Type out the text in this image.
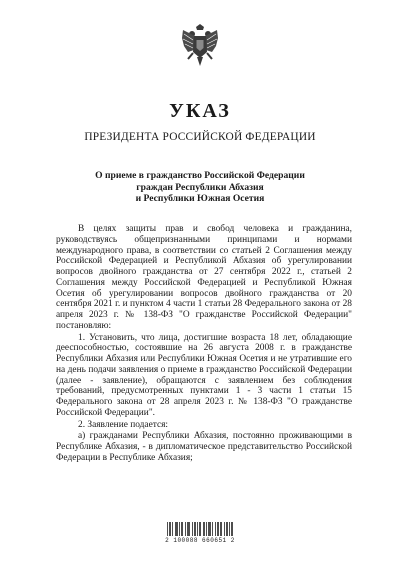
УКАЗ
ПРЕЗИДЕНТА РОССИЙСКОЙ ФЕДЕРАЦИИ
О приеме в гражданство Российской Федерации
граждан Республики Абхазия
и Республики Южная Осетия

В целях защиты прав и свобод человека и гражданина, руководствуясь общепризнанными принципами и нормами международного права, в соответствии со статьей 2 Соглашения между Российской Федерацией и Республикой Абхазия об урегулировании вопросов двойного гражданства от 27 сентября 2022 г., статьей 2 Соглашения между Российской Федерацией и Республикой Южная Осетия об урегулировании вопросов двойного гражданства от 20 сентября 2021 г. и пунктом 4 части 1 статьи 28 Федерального закона от 28 апреля 2023 г. № 138-ФЗ "О гражданстве Российской Федерации" постановляю:

1. Установить, что лица, достигшие возраста 18 лет, обладающие дееспособностью, состоявшие на 26 августа 2008 г. в гражданстве Республики Абхазия или Республики Южная Осетия и не утратившие его на день подачи заявления о приеме в гражданство Российской Федерации (далее - заявление), обращаются с заявлением без соблюдения требований, предусмотренных пунктами 1 - 3 части 1 статьи 15 Федерального закона от 28 апреля 2023 г. № 138-ФЗ "О гражданстве Российской Федерации".

2. Заявление подается:

а) гражданами Республики Абхазия, постоянно проживающими в Республике Абхазия, - в дипломатическое представительство Российской Федерации в Республике Абхазия;

2 100088 660651 2
